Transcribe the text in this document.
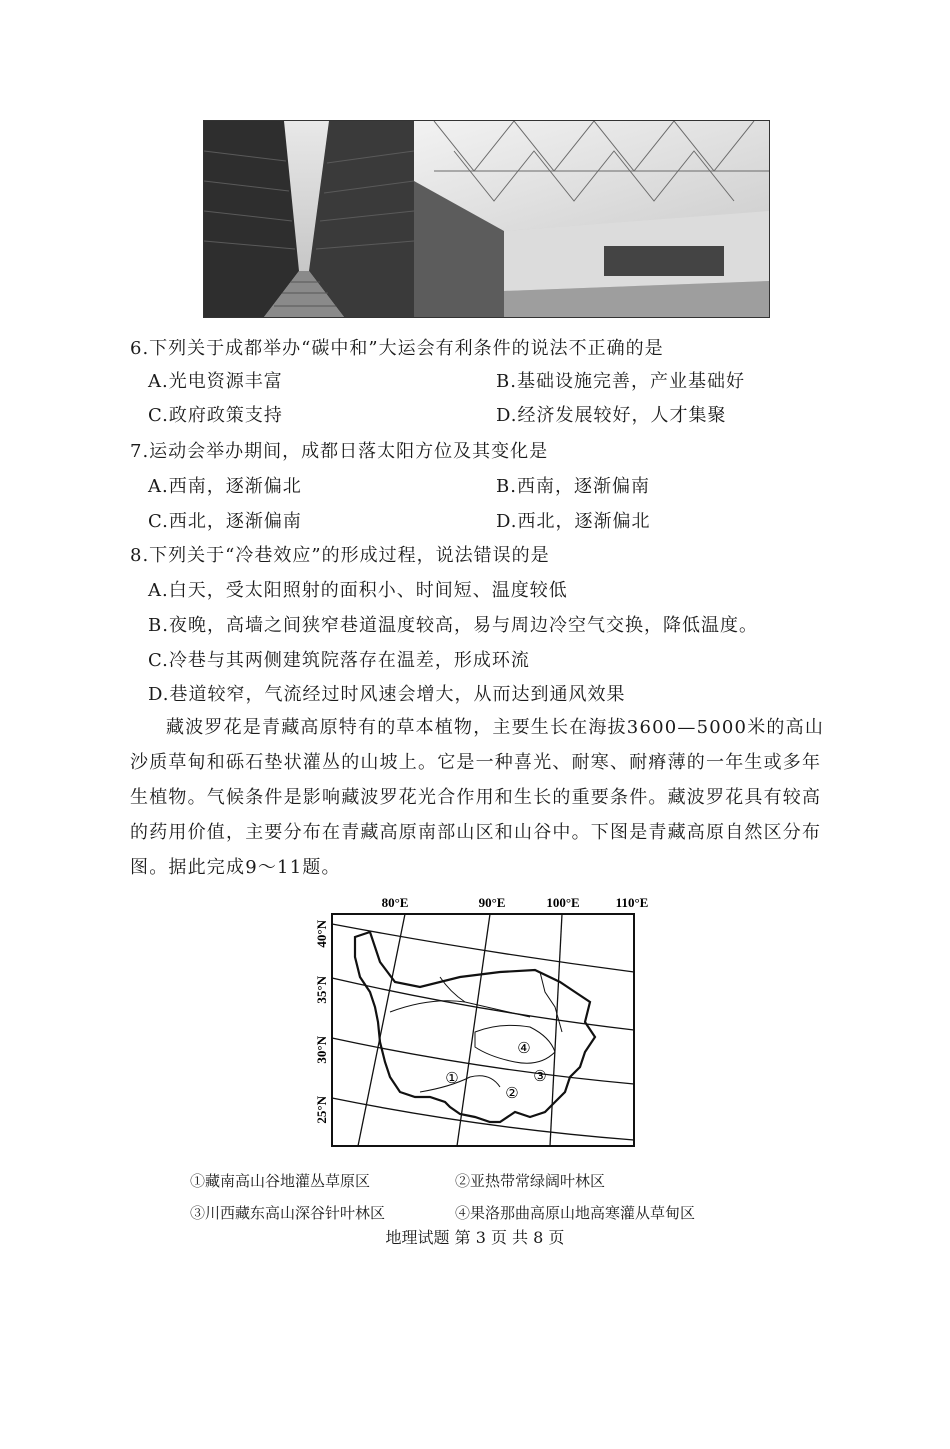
6.下列关于成都举办“碳中和”大运会有利条件的说法不正确的是
A.光电资源丰富	B.基础设施完善，产业基础好
C.政府政策支持	D.经济发展较好，人才集聚
7.运动会举办期间，成都日落太阳方位及其变化是
A.西南，逐渐偏北	B.西南，逐渐偏南
C.西北，逐渐偏南	D.西北，逐渐偏北
8.下列关于“冷巷效应”的形成过程，说法错误的是
A.白天，受太阳照射的面积小、时间短、温度较低
B.夜晚，高墙之间狭窄巷道温度较高，易与周边冷空气交换，降低温度。
C.冷巷与其两侧建筑院落存在温差，形成环流
D.巷道较窄，气流经过时风速会增大，从而达到通风效果

藏波罗花是青藏高原特有的草本植物，主要生长在海拔3600—5000米的高山沙质草甸和砾石垫状灌丛的山坡上。它是一种喜光、耐寒、耐瘠薄的一年生或多年生植物。气候条件是影响藏波罗花光合作用和生长的重要条件。藏波罗花具有较高的药用价值，主要分布在青藏高原南部山区和山谷中。下图是青藏高原自然区分布图。据此完成9～11题。

80°E	90°E	100°E	110°E
40°N
35°N
30°N
25°N
①
②
③
④
①藏南高山谷地灌丛草原区	②亚热带常绿阔叶林区
③川西藏东高山深谷针叶林区	④果洛那曲高原山地高寒灌从草甸区
地理试题 第 3 页 共 8 页
